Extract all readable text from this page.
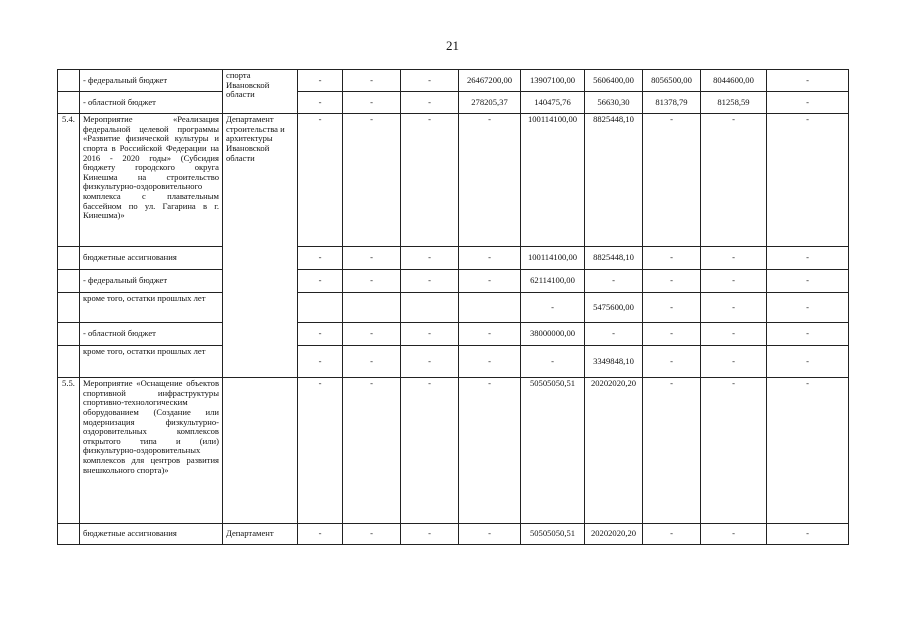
21
	- федеральный бюджет	спорта Ивановской области	-	-	-	26467200,00	13907100,00	5606400,00	8056500,00	8044600,00	-
	- областной бюджет		-	-	-	278205,37	140475,76	56630,30	81378,79	81258,59	-
5.4.	Мероприятие «Реализация федеральной целевой программы «Развитие физической культуры и спорта в Российской Федерации на 2016 - 2020 годы» (Субсидия бюджету городского округа Кинешма на строительство физкультурно-оздоровительного комплекса с плавательным бассейном по ул. Гагарина в г. Кинешма)»	Департамент строительства и архитектуры Ивановской области	-	-	-	-	100114100,00	8825448,10	-	-	-
	бюджетные ассигнования		-	-	-	-	100114100,00	8825448,10	-	-	-
	- федеральный бюджет		-	-	-	-	62114100,00	-	-	-	-
	кроме того, остатки прошлых лет						-	5475600,00	-	-	-
	- областной бюджет		-	-	-	-	38000000,00	-	-	-	-
	кроме того, остатки прошлых лет		-	-	-	-	-	3349848,10	-	-	-
5.5.	Мероприятие «Оснащение объектов спортивной инфраструктуры спортивно-технологическим оборудованием (Создание или модернизация физкультурно-оздоровительных комплексов открытого типа и (или) физкультурно-оздоровительных комплексов для центров развития внешкольного спорта)»		-	-	-	-	50505050,51	20202020,20	-	-	-
	бюджетные ассигнования	Департамент	-	-	-	-	50505050,51	20202020,20	-	-	-
